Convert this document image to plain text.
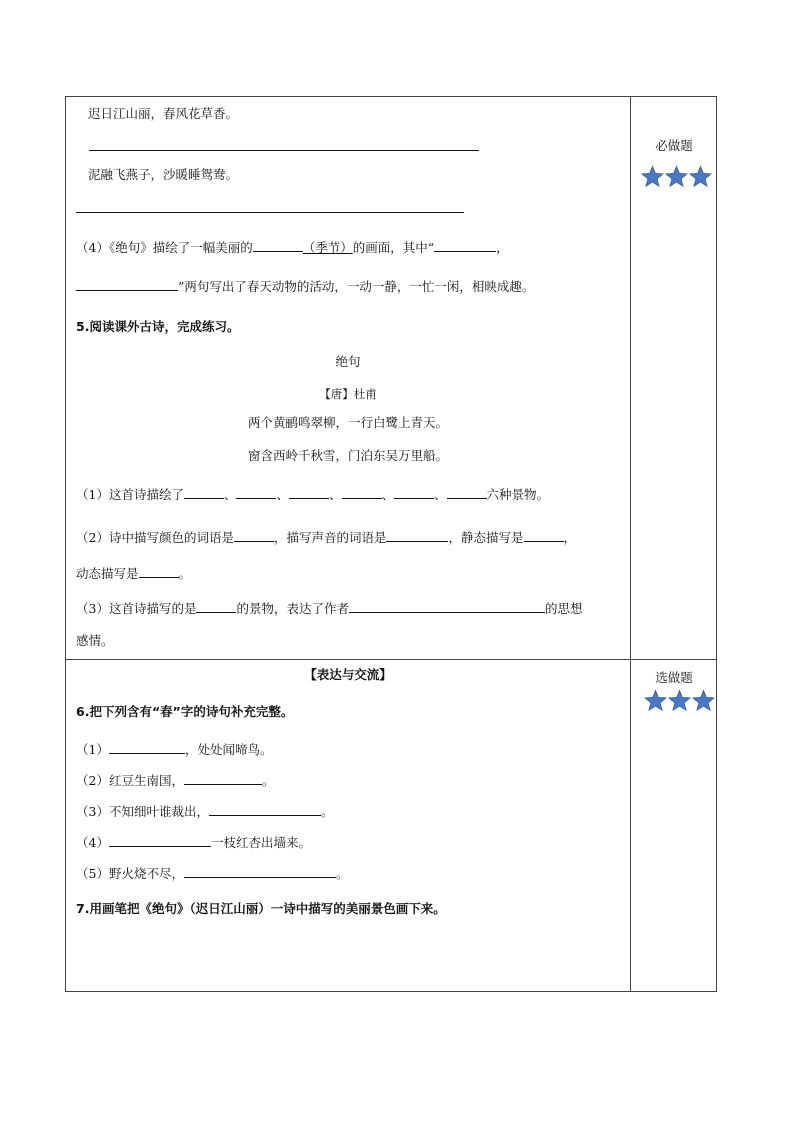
迟日江山丽，春风花草香。
泥融飞燕子，沙暖睡鸳鸯。
（4）《绝句》描绘了一幅美丽的	（季节）的画面，其中“	，
”两句写出了春天动物的活动，一动一静，一忙一闲，相映成趣。
5.阅读课外古诗，完成练习。
绝句
【唐】杜甫
两个黄鹂鸣翠柳，一行白鹭上青天。
窗含西岭千秋雪，门泊东吴万里船。
（1）这首诗描绘了	、	、	、	、	、	六种景物。
（2）诗中描写颜色的词语是	，描写声音的词语是	，静态描写是	，
动态描写是	。
（3）这首诗描写的是	的景物，表达了作者	的思想
感情。
必做题
选做题
【表达与交流】
6.把下列含有“春”字的诗句补充完整。
（1）	，处处闻啼鸟。
（2）红豆生南国，	。
（3）不知细叶谁裁出，	。
（4）	一枝红杏出墙来。
（5）野火烧不尽，	。
7.用画笔把《绝句》（迟日江山丽）一诗中描写的美丽景色画下来。
